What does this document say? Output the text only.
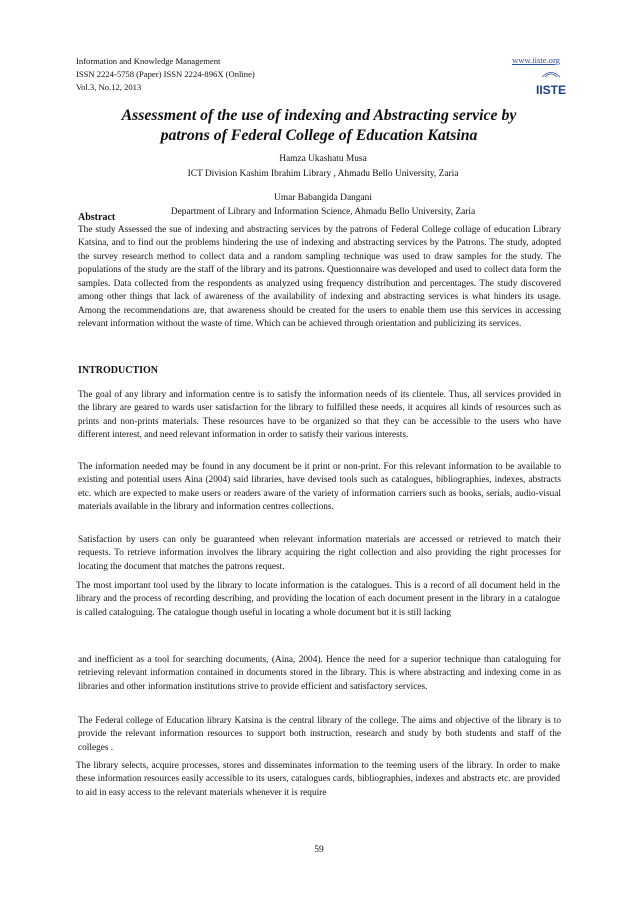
Information and Knowledge Management
ISSN 2224-5758 (Paper) ISSN 2224-896X (Online)
Vol.3, No.12, 2013
www.iiste.org
IISTE
Assessment of the use of indexing and Abstracting service by
patrons of Federal College of Education Katsina
Hamza Ukashatu Musa
ICT Division Kashim Ibrahim Library , Ahmadu Bello University, Zaria
Umar Babangida Dangani
Department of Library and Information Science, Ahmadu Bello University, Zaria
Abstract
The study Assessed the sue of indexing and abstracting services by the patrons of Federal College collage of education Library Katsina, and to find out the problems hindering the use of indexing and abstracting services by the Patrons. The study, adopted the survey research method to collect data and a random sampling technique was used to draw samples for the study. The populations of the study are the staff of the library and its patrons. Questionnaire was developed and used to collect data form the samples. Data collected from the respondents as analyzed using frequency distribution and percentages. The study discovered among other things that lack of awareness of the availability of indexing and abstracting services is what hinders its usage. Among the recommendations are, that awareness should be created for the users to enable them use this services in accessing relevant information without the waste of time. Which can be achieved through orientation and publicizing its services.
INTRODUCTION
The goal of any library and information centre is to satisfy the information needs of its clientele. Thus, all services provided in the library are geared to wards user satisfaction for the library to fulfilled these needs, it acquires all kinds of resources such as prints and non-prints materials. These resources have to be organized so that they can be accessible to the users who have different interest, and need relevant information in order to satisfy their various interests.
The information needed may be found in any document be it print or non-print. For this relevant information to be available to existing and potential users Aina (2004) said libraries, have devised tools such as catalogues, bibliographies, indexes, abstracts etc. which are expected to make users or readers aware of the variety of information carriers such as books, serials, audio-visual materials available in the library and information centres collections.
Satisfaction by users can only be guaranteed when relevant information materials are accessed or retrieved to match their requests. To retrieve information involves the library acquiring the right collection and also providing the right processes for locating the document that matches the patrons request.
The most important tool used by the library to locate information is the catalogues. This is a record of all document held in the library and the process of recording describing, and providing the location of each document present in the library in a catalogue is called cataloguing. The catalogue though useful in locating a whole document but it is still lacking
and inefficient as a tool for searching documents, (Aina, 2004). Hence the need for a superior technique than cataloguing for retrieving relevant information contained in documents stored in the library. This is where abstracting and indexing come in as libraries and other information institutions strive to provide efficient and satisfactory services.
The Federal college of Education library Katsina is the central library of the college. The aims and objective of the library is to provide the relevant information resources to support both instruction, research and study by both students and staff of the colleges .
The library selects, acquire processes, stores and disseminates information to the teeming users of the library. In order to make these information resources easily accessible to its users, catalogues cards, bibliographies, indexes and abstracts etc. are provided to aid in easy access to the relevant materials whenever it is require
59
